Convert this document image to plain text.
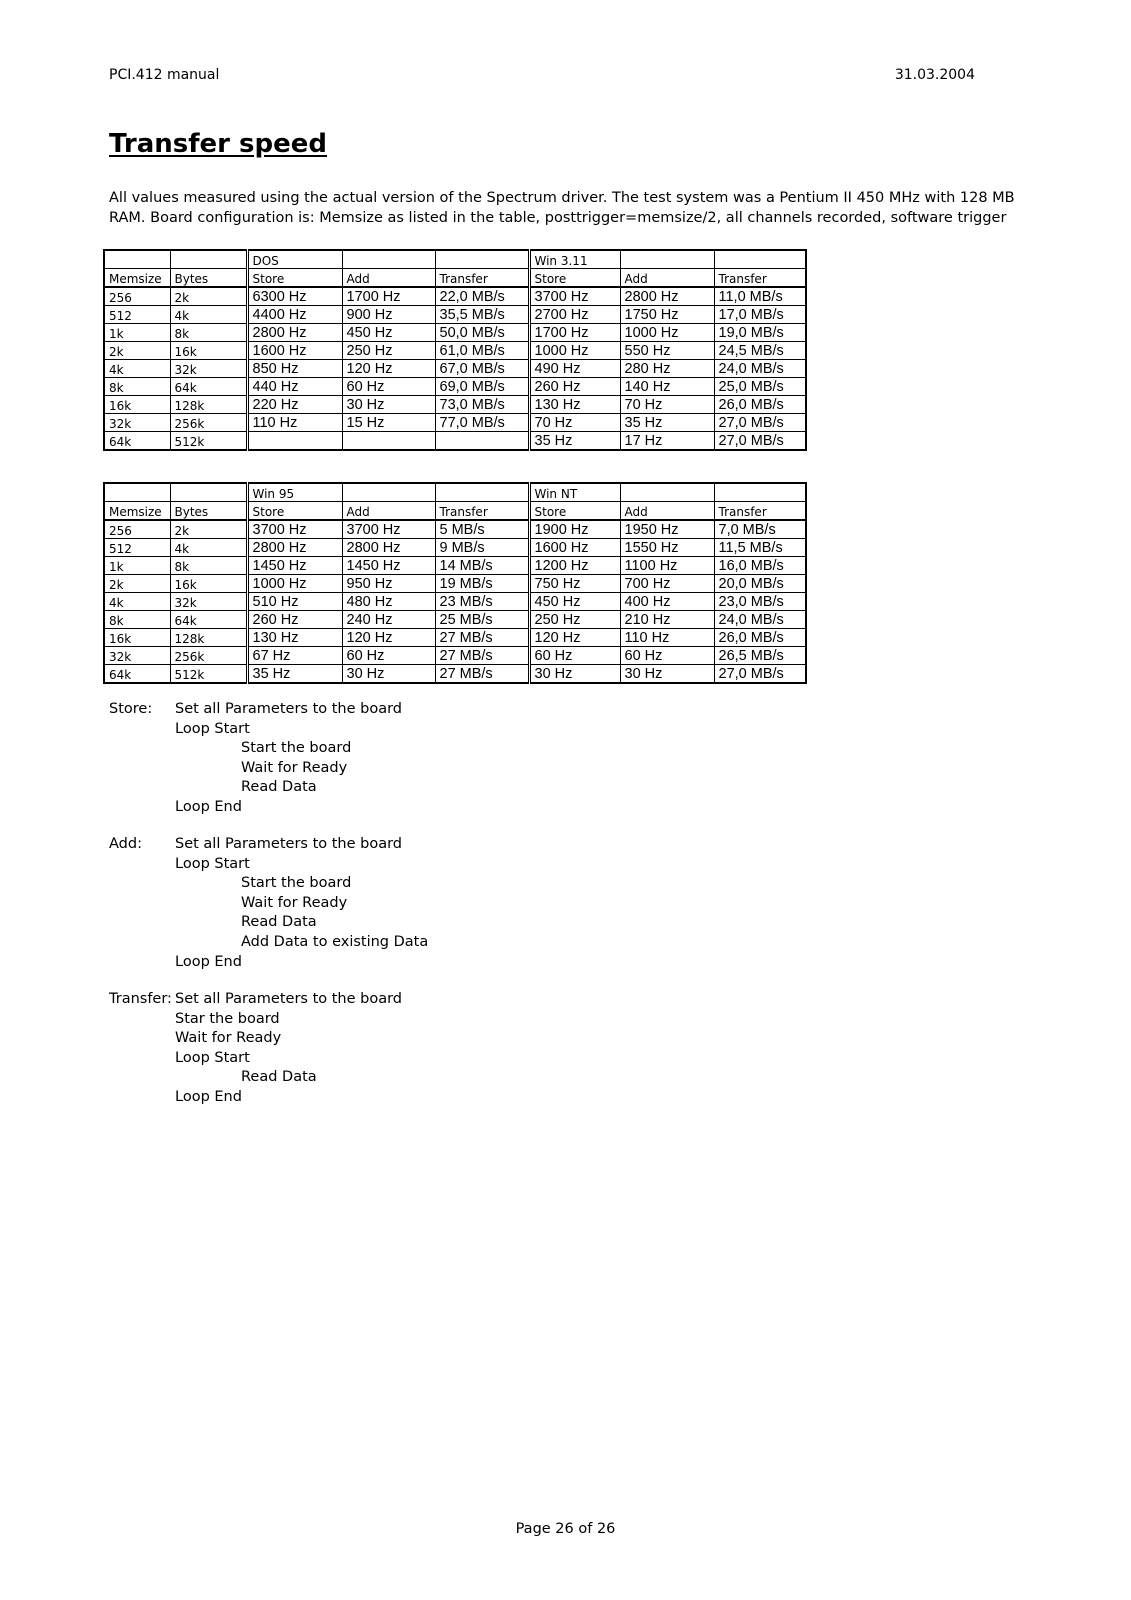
PCI.412 manual	31.03.2004
Transfer speed

All values measured using the actual version of the Spectrum driver. The test system was a Pentium II 450 MHz with 128 MB RAM. Board configuration is: Memsize as listed in the table, posttrigger=memsize/2, all channels recorded, software trigger

		DOS			Win 3.11		
Memsize	Bytes	Store	Add	Transfer	Store	Add	Transfer
256	2k	6300 Hz	1700 Hz	22,0 MB/s	3700 Hz	2800 Hz	11,0 MB/s
512	4k	4400 Hz	900 Hz	35,5 MB/s	2700 Hz	1750 Hz	17,0 MB/s
1k	8k	2800 Hz	450 Hz	50,0 MB/s	1700 Hz	1000 Hz	19,0 MB/s
2k	16k	1600 Hz	250 Hz	61,0 MB/s	1000 Hz	550 Hz	24,5 MB/s
4k	32k	850 Hz	120 Hz	67,0 MB/s	490 Hz	280 Hz	24,0 MB/s
8k	64k	440 Hz	60 Hz	69,0 MB/s	260 Hz	140 Hz	25,0 MB/s
16k	128k	220 Hz	30 Hz	73,0 MB/s	130 Hz	70 Hz	26,0 MB/s
32k	256k	110 Hz	15 Hz	77,0 MB/s	70 Hz	35 Hz	27,0 MB/s
64k	512k				35 Hz	17 Hz	27,0 MB/s
		Win 95			Win NT		
Memsize	Bytes	Store	Add	Transfer	Store	Add	Transfer
256	2k	3700 Hz	3700 Hz	5 MB/s	1900 Hz	1950 Hz	7,0 MB/s
512	4k	2800 Hz	2800 Hz	9 MB/s	1600 Hz	1550 Hz	11,5 MB/s
1k	8k	1450 Hz	1450 Hz	14 MB/s	1200 Hz	1100 Hz	16,0 MB/s
2k	16k	1000 Hz	950 Hz	19 MB/s	750 Hz	700 Hz	20,0 MB/s
4k	32k	510 Hz	480 Hz	23 MB/s	450 Hz	400 Hz	23,0 MB/s
8k	64k	260 Hz	240 Hz	25 MB/s	250 Hz	210 Hz	24,0 MB/s
16k	128k	130 Hz	120 Hz	27 MB/s	120 Hz	110 Hz	26,0 MB/s
32k	256k	67 Hz	60 Hz	27 MB/s	60 Hz	60 Hz	26,5 MB/s
64k	512k	35 Hz	30 Hz	27 MB/s	30 Hz	30 Hz	27,0 MB/s
Store: Set all Parameters to the board
Loop Start
Start the board
Wait for Ready
Read Data
Loop End
Add: Set all Parameters to the board
Loop Start
Start the board
Wait for Ready
Read Data
Add Data to existing Data
Loop End
Transfer: Set all Parameters to the board
Star the board
Wait for Ready
Loop Start
Read Data
Loop End
Page 26 of 26
